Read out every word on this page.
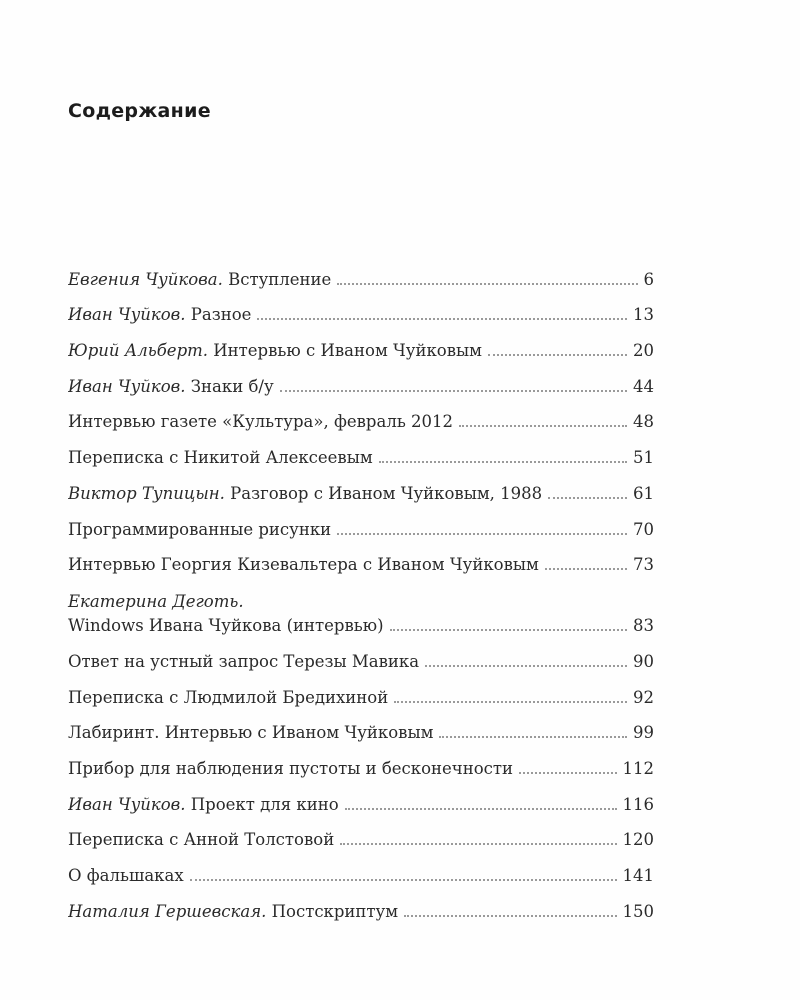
Содержание
Евгения Чуйкова. Вступление	6
Иван Чуйков. Разное	13
Юрий Альберт. Интервью с Иваном Чуйковым	20
Иван Чуйков. Знаки б/у	44
Интервью газете «Культура», февраль 2012	48
Переписка с Никитой Алексеевым	51
Виктор Тупицын. Разговор с Иваном Чуйковым, 1988	61
Программированные рисунки	70
Интервью Георгия Кизевальтера с Иваном Чуйковым	73
Екатерина Деготь.
Windows Ивана Чуйкова (интервью)	83
Ответ на устный запрос Терезы Мавика	90
Переписка с Людмилой Бредихиной	92
Лабиринт. Интервью с Иваном Чуйковым	99
Прибор для наблюдения пустоты и бесконечности	112
Иван Чуйков. Проект для кино	116
Переписка с Анной Толстовой	120
О фальшаках	141
Наталия Гершевская. Постскриптум	150
